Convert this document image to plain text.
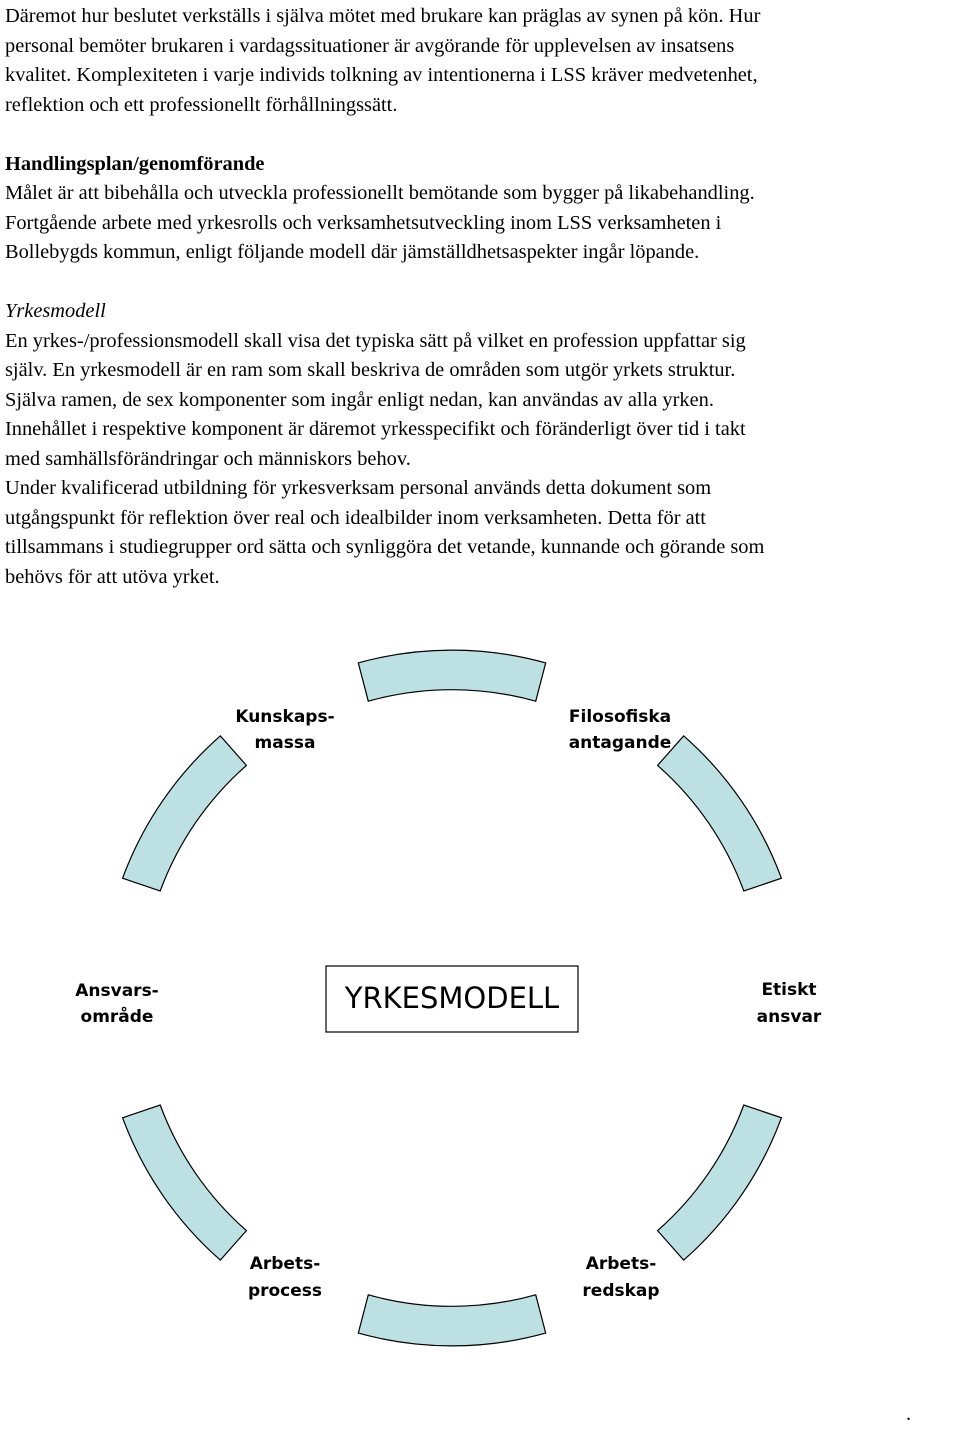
Däremot hur beslutet verkställs i själva mötet med brukare kan präglas av synen på kön. Hur

personal bemöter brukaren i vardagssituationer är avgörande för upplevelsen av insatsens

kvalitet. Komplexiteten i varje individs tolkning av intentionerna i LSS kräver medvetenhet,

reflektion och ett professionellt förhållningssätt.

Handlingsplan/genomförande

Målet är att bibehålla och utveckla professionellt bemötande som bygger på likabehandling.

Fortgående arbete med yrkesrolls och verksamhetsutveckling inom LSS verksamheten i

Bollebygds kommun, enligt följande modell där jämställdhetsaspekter ingår löpande.

Yrkesmodell

En yrkes-/professionsmodell skall visa det typiska sätt på vilket en profession uppfattar sig

själv. En yrkesmodell är en ram som skall beskriva de områden som utgör yrkets struktur.

Själva ramen, de sex komponenter som ingår enligt nedan, kan användas av alla yrken.

Innehållet i respektive komponent är däremot yrkesspecifikt och föränderligt över tid i takt

med samhällsförändringar och människors behov.

Under kvalificerad utbildning för yrkesverksam personal används detta dokument som

utgångspunkt för reflektion över real och idealbilder inom verksamheten. Detta för att

tillsammans i studiegrupper ord sätta och synliggöra det vetande, kunnande och görande som

behövs för att utöva yrket.

YRKESMODELL
Kunskaps-
massa
Filosofiska
antagande
Etiskt
ansvar
Arbets-
redskap
Arbets-
process
Ansvars-
område
.
